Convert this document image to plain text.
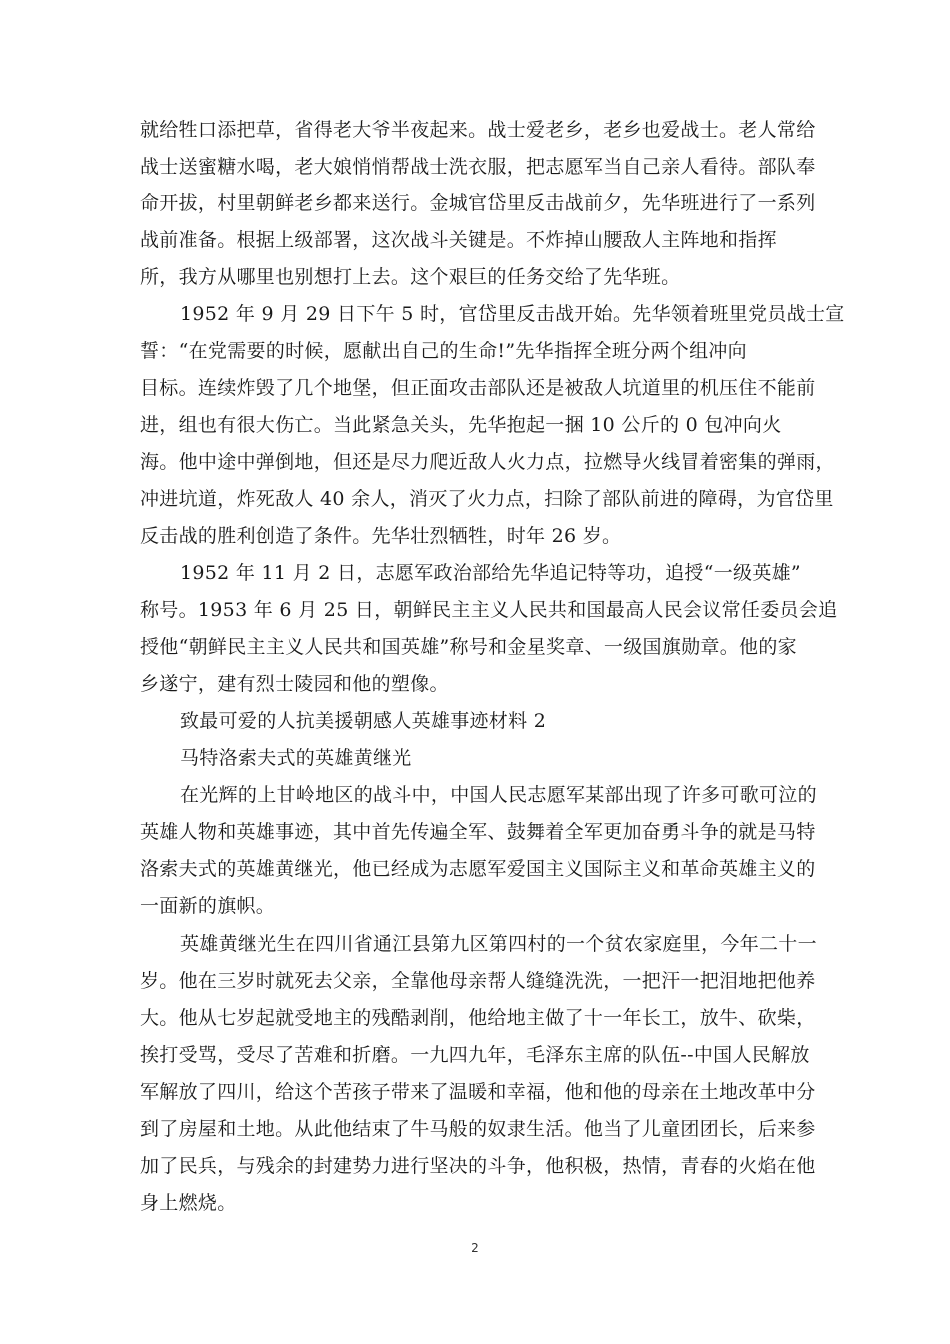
就给牲口添把草，省得老大爷半夜起来。战士爱老乡，老乡也爱战士。老人常给
战士送蜜糖水喝，老大娘悄悄帮战士洗衣服，把志愿军当自己亲人看待。部队奉
命开拔，村里朝鲜老乡都来送行。金城官岱里反击战前夕，先华班进行了一系列
战前准备。根据上级部署，这次战斗关键是。不炸掉山腰敌人主阵地和指挥
所，我方从哪里也别想打上去。这个艰巨的任务交给了先华班。
1952 年 9 月 29 日下午 5 时，官岱里反击战开始。先华领着班里党员战士宣
誓：“在党需要的时候，愿献出自己的生命!”先华指挥全班分两个组冲向
目标。连续炸毁了几个地堡，但正面攻击部队还是被敌人坑道里的机压住不能前
进，组也有很大伤亡。当此紧急关头，先华抱起一捆 10 公斤的 0 包冲向火
海。他中途中弹倒地，但还是尽力爬近敌人火力点，拉燃导火线冒着密集的弹雨，
冲进坑道，炸死敌人 40 余人，消灭了火力点，扫除了部队前进的障碍，为官岱里
反击战的胜利创造了条件。先华壮烈牺牲，时年 26 岁。
1952 年 11 月 2 日，志愿军政治部给先华追记特等功，追授“一级英雄”
称号。1953 年 6 月 25 日，朝鲜民主主义人民共和国最高人民会议常任委员会追
授他“朝鲜民主主义人民共和国英雄”称号和金星奖章、一级国旗勋章。他的家
乡遂宁，建有烈士陵园和他的塑像。
致最可爱的人抗美援朝感人英雄事迹材料 2
马特洛索夫式的英雄黄继光
在光辉的上甘岭地区的战斗中，中国人民志愿军某部出现了许多可歌可泣的
英雄人物和英雄事迹，其中首先传遍全军、鼓舞着全军更加奋勇斗争的就是马特
洛索夫式的英雄黄继光，他已经成为志愿军爱国主义国际主义和革命英雄主义的
一面新的旗帜。
英雄黄继光生在四川省通江县第九区第四村的一个贫农家庭里，今年二十一
岁。他在三岁时就死去父亲，全靠他母亲帮人缝缝洗洗，一把汗一把泪地把他养
大。他从七岁起就受地主的残酷剥削，他给地主做了十一年长工，放牛、砍柴，
挨打受骂，受尽了苦难和折磨。一九四九年，毛泽东主席的队伍--中国人民解放
军解放了四川，给这个苦孩子带来了温暖和幸福，他和他的母亲在土地改革中分
到了房屋和土地。从此他结束了牛马般的奴隶生活。他当了儿童团团长，后来参
加了民兵，与残余的封建势力进行坚决的斗争，他积极，热情，青春的火焰在他
身上燃烧。
2
